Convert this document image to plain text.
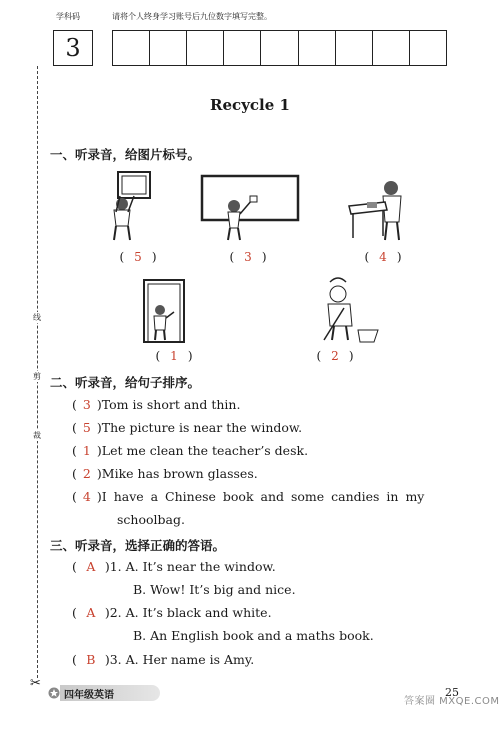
学科码	请将个人终身学习账号后九位数字填写完整。
3
线
剪
裁
✂
Recycle 1
一、听录音，给图片标号。
( 5 )	( 3 )	( 4 )
( 1 )	( 2 )
二、听录音，给句子排序。
( 3 )Tom is short and thin.
( 5 )The picture is near the window.
( 1 )Let me clean the teacher’s desk.
( 2 )Mike has brown glasses.
( 4 )I have a Chinese book and some candies in my
schoolbag.
三、听录音，选择正确的答语。
( A )1. A. It’s near the window.
B. Wow! It’s big and nice.
( A )2. A. It’s black and white.
B. An English book and a maths book.
( B )3. A. Her name is Amy.
四年级英语
答案圈 MXQE.COM
25
